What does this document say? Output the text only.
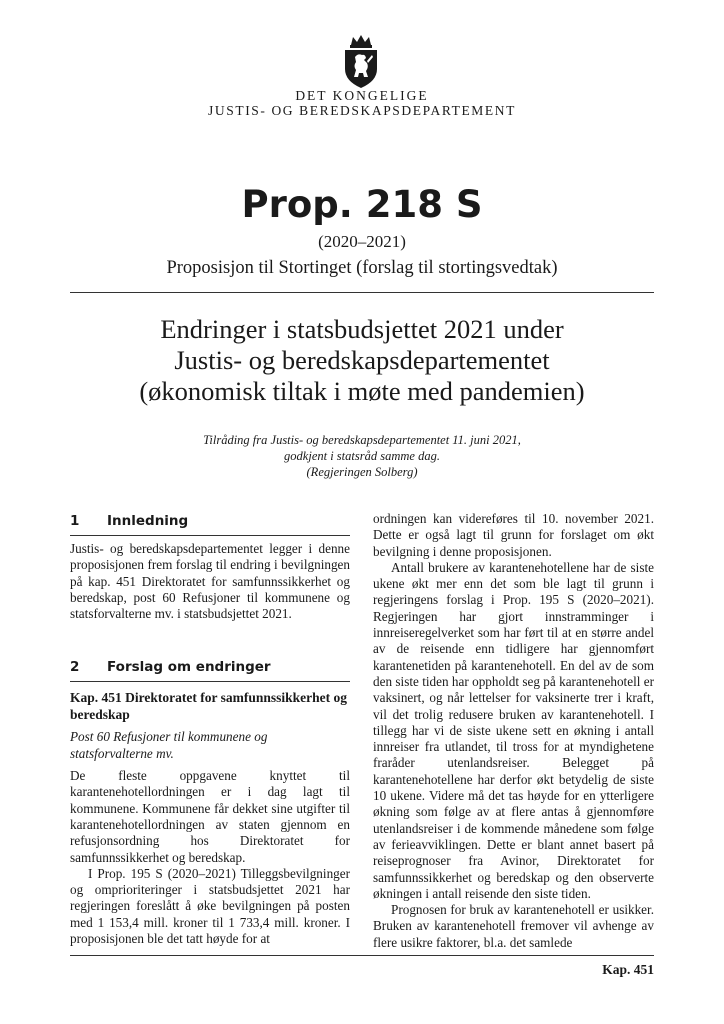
DET KONGELIGE
JUSTIS- OG BEREDSKAPSDEPARTEMENT
Prop. 218 S
(2020–2021)
Proposisjon til Stortinget (forslag til stortingsvedtak)
Endringer i statsbudsjettet 2021 under
Justis- og beredskapsdepartementet
(økonomisk tiltak i møte med pandemien)
Tilråding fra Justis- og beredskapsdepartementet 11. juni 2021,
godkjent i statsråd samme dag.
(Regjeringen Solberg)
1	Innledning

Justis- og beredskapsdepartementet legger i denne proposisjonen frem forslag til endring i bevilgningen på kap. 451 Direktoratet for samfunnssikkerhet og beredskap, post 60 Refusjoner til kommunene og statsforvalterne mv. i statsbudsjettet 2021.

2	Forslag om endringer
Kap. 451 Direktoratet for samfunnssikkerhet og beredskap
Post 60 Refusjoner til kommunene og statsforvalterne mv.

De fleste oppgavene knyttet til karantenehotellordningen er i dag lagt til kommunene. Kommunene får dekket sine utgifter til karantenehotellordningen av staten gjennom en refusjonsordning hos Direktoratet for samfunnssikkerhet og beredskap.

I Prop. 195 S (2020–2021) Tilleggsbevilgninger og omprioriteringer i statsbudsjettet 2021 har regjeringen foreslått å øke bevilgningen på posten med 1 153,4 mill. kroner til 1 733,4 mill. kroner. I proposisjonen ble det tatt høyde for at

ordningen kan videreføres til 10. november 2021. Dette er også lagt til grunn for forslaget om økt bevilgning i denne proposisjonen.

Antall brukere av karantenehotellene har de siste ukene økt mer enn det som ble lagt til grunn i regjeringens forslag i Prop. 195 S (2020–2021). Regjeringen har gjort innstramminger i innreiseregelverket som har ført til at en større andel av de reisende enn tidligere har gjennomført karantenetiden på karantenehotell. En del av de som den siste tiden har oppholdt seg på karantenehotell er vaksinert, og når lettelser for vaksinerte trer i kraft, vil det trolig redusere bruken av karantenehotell. I tillegg har vi de siste ukene sett en økning i antall innreiser fra utlandet, til tross for at myndighetene fraråder utenlandsreiser. Belegget på karantenehotellene har derfor økt betydelig de siste 10 ukene. Videre må det tas høyde for en ytterligere økning som følge av at flere antas å gjennomføre utenlandsreiser i de kommende månedene som følge av ferieavviklingen. Dette er blant annet basert på reiseprognoser fra Avinor, Direktoratet for samfunnssikkerhet og beredskap og den observerte økningen i antall reisende den siste tiden.

Prognosen for bruk av karantenehotell er usikker. Bruken av karantenehotell fremover vil avhenge av flere usikre faktorer, bl.a. det samlede

Kap. 451
